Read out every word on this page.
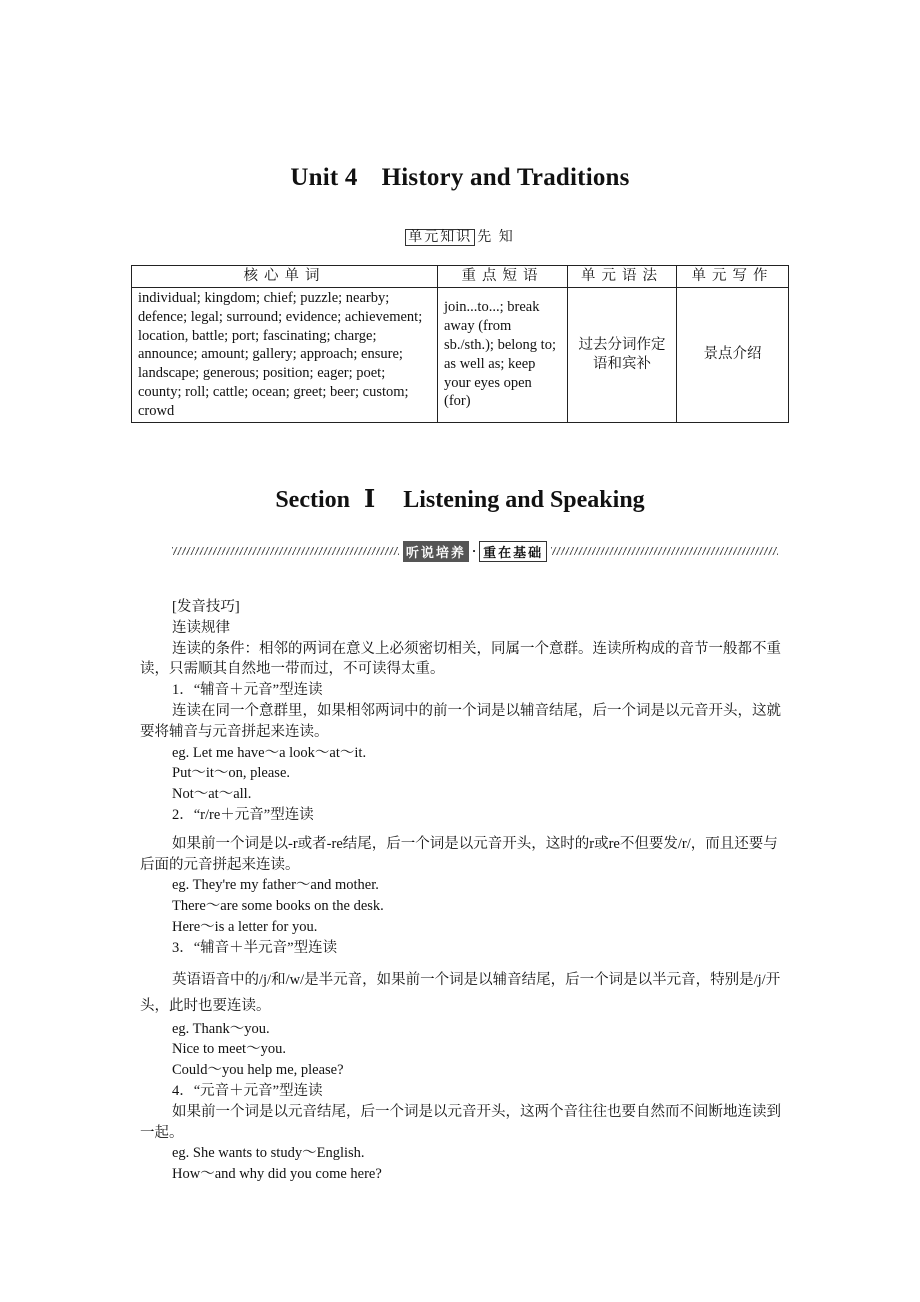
Unit 4 History and Traditions
单元知识 先 知
核心单词	重点短语	单元语法	单元写作
individual; kingdom; chief; puzzle; nearby; defence; legal; surround; evidence; achievement; location, battle; port; fascinating; charge; announce; amount; gallery; approach; ensure; landscape; generous; position; eager; poet; county; roll; cattle; ocean; greet; beer; custom; crowd	join...to...; break away (from sb./sth.); belong to; as well as; keep your eyes open (for)	过去分词作定语和宾补	景点介绍
Section Ⅰ Listening and Speaking
听说培养 · 重在基础

[发音技巧]

连读规律

连读的条件：相邻的两词在意义上必须密切相关，同属一个意群。连读所构成的音节一般都不重读，只需顺其自然地一带而过，不可读得太重。

1．“辅音＋元音”型连读

连读在同一个意群里，如果相邻两词中的前一个词是以辅音结尾，后一个词是以元音开头，这就要将辅音与元音拼起来连读。

eg. Let me have～a look～at～it.

Put～it～on, please.

Not～at～all.

2．“r/re＋元音”型连读

如果前一个词是以-r或者-re结尾，后一个词是以元音开头，这时的r或re不但要发/r/，而且还要与后面的元音拼起来连读。

eg. They're my father～and mother.

There～are some books on the desk.

Here～is a letter for you.

3．“辅音＋半元音”型连读

英语语音中的/j/和/w/是半元音，如果前一个词是以辅音结尾，后一个词是以半元音，特别是/j/开头，此时也要连读。

eg. Thank～you.

Nice to meet～you.

Could～you help me, please?

4．“元音＋元音”型连读

如果前一个词是以元音结尾，后一个词是以元音开头，这两个音往往也要自然而不间断地连读到一起。

eg. She wants to study～English.

How～and why did you come here?
